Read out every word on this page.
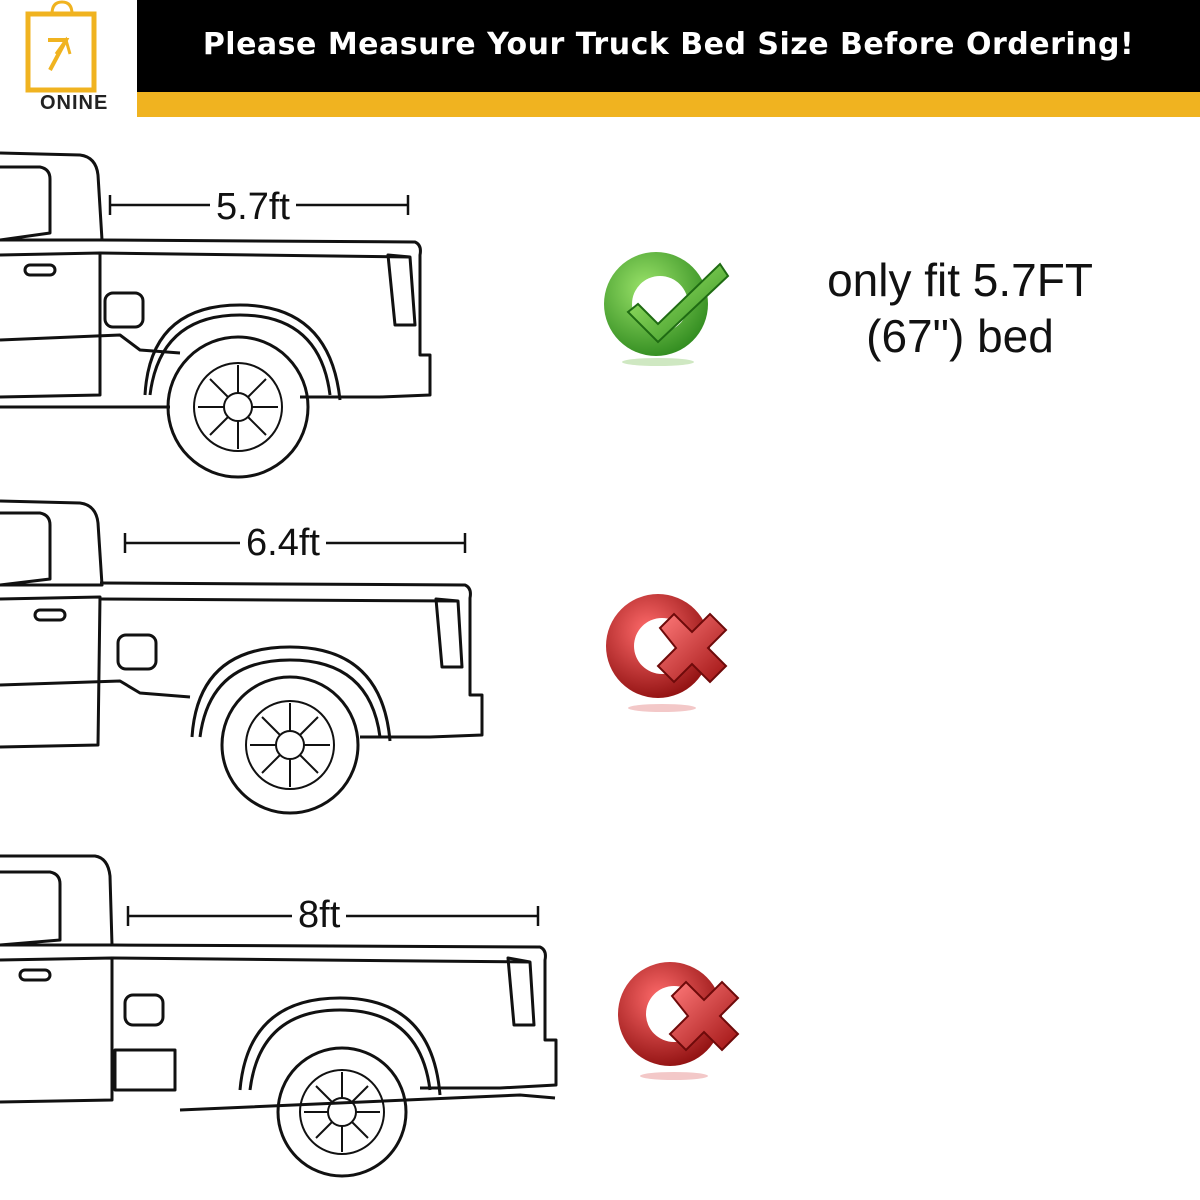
ONINE
Please Measure Your Truck Bed Size Before Ordering!
5.7ft
6.4ft
8ft
only fit 5.7FT
(67") bed
